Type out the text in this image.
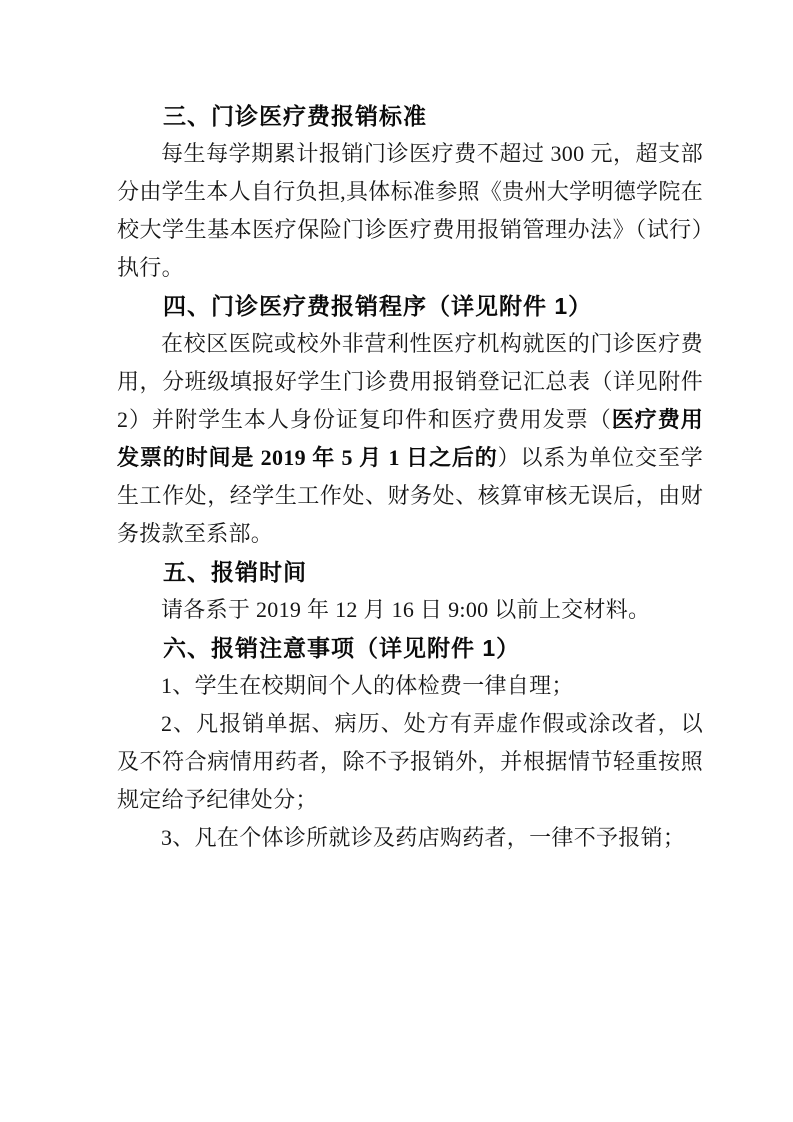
三、门诊医疗费报销标准

每生每学期累计报销门诊医疗费不超过 300 元，超支部分由学生本人自行负担,具体标准参照《贵州大学明德学院在校大学生基本医疗保险门诊医疗费用报销管理办法》（试行）执行。

四、门诊医疗费报销程序（详见附件 1）

在校区医院或校外非营利性医疗机构就医的门诊医疗费用，分班级填报好学生门诊费用报销登记汇总表（详见附件 2）并附学生本人身份证复印件和医疗费用发票（医疗费用发票的时间是 2019 年 5 月 1 日之后的）以系为单位交至学生工作处，经学生工作处、财务处、核算审核无误后，由财务拨款至系部。

五、报销时间

请各系于 2019 年 12 月 16 日 9:00 以前上交材料。

六、报销注意事项（详见附件 1）

1、学生在校期间个人的体检费一律自理；

2、凡报销单据、病历、处方有弄虚作假或涂改者，以及不符合病情用药者，除不予报销外，并根据情节轻重按照规定给予纪律处分；

3、凡在个体诊所就诊及药店购药者，一律不予报销；
